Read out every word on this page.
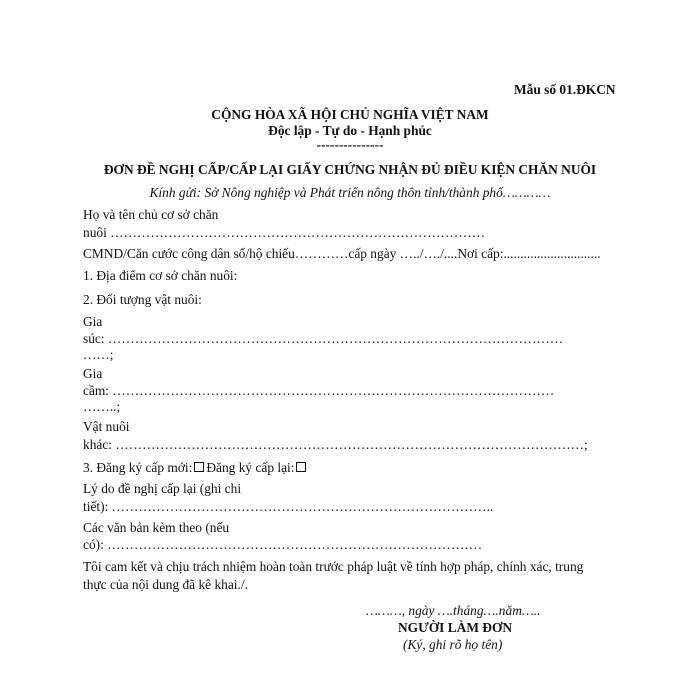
Mẫu số 01.ĐKCN
CỘNG HÒA XÃ HỘI CHỦ NGHĨA VIỆT NAM
Độc lập - Tự do - Hạnh phúc
---------------
ĐƠN ĐỀ NGHỊ CẤP/CẤP LẠI GIẤY CHỨNG NHẬN ĐỦ ĐIỀU KIỆN CHĂN NUÔI
Kính gửi: Sở Nông nghiệp và Phát triển nông thôn tỉnh/thành phố…………
Họ và tên chủ cơ sở chăn
nuôi …………………………………………………………………………
CMND/Căn cước công dân số/hộ chiếu…………cấp ngày …../…./....Nơi cấp:.............................
1. Địa điểm cơ sở chăn nuôi:
2. Đối tượng vật nuôi:
Gia
súc: …………………………………………………………………………………………
……;
Gia
cầm: ………………………………………………………………………………………
……..;
Vật nuôi
khác: ……………………………………………………………………………………………;
3. Đăng ký cấp mới: Đăng ký cấp lại:
Lý do đề nghị cấp lại (ghi chi
tiết): …………………………………………………………………………..
Các văn bản kèm theo (nếu
có): …………………………………………………………………………
Tôi cam kết và chịu trách nhiệm hoàn toàn trước pháp luật về tính hợp pháp, chính xác, trung
thực của nội dung đã kê khai./.
………, ngày ….tháng….năm…..
NGƯỜI LÀM ĐƠN
(Ký, ghi rõ họ tên)
